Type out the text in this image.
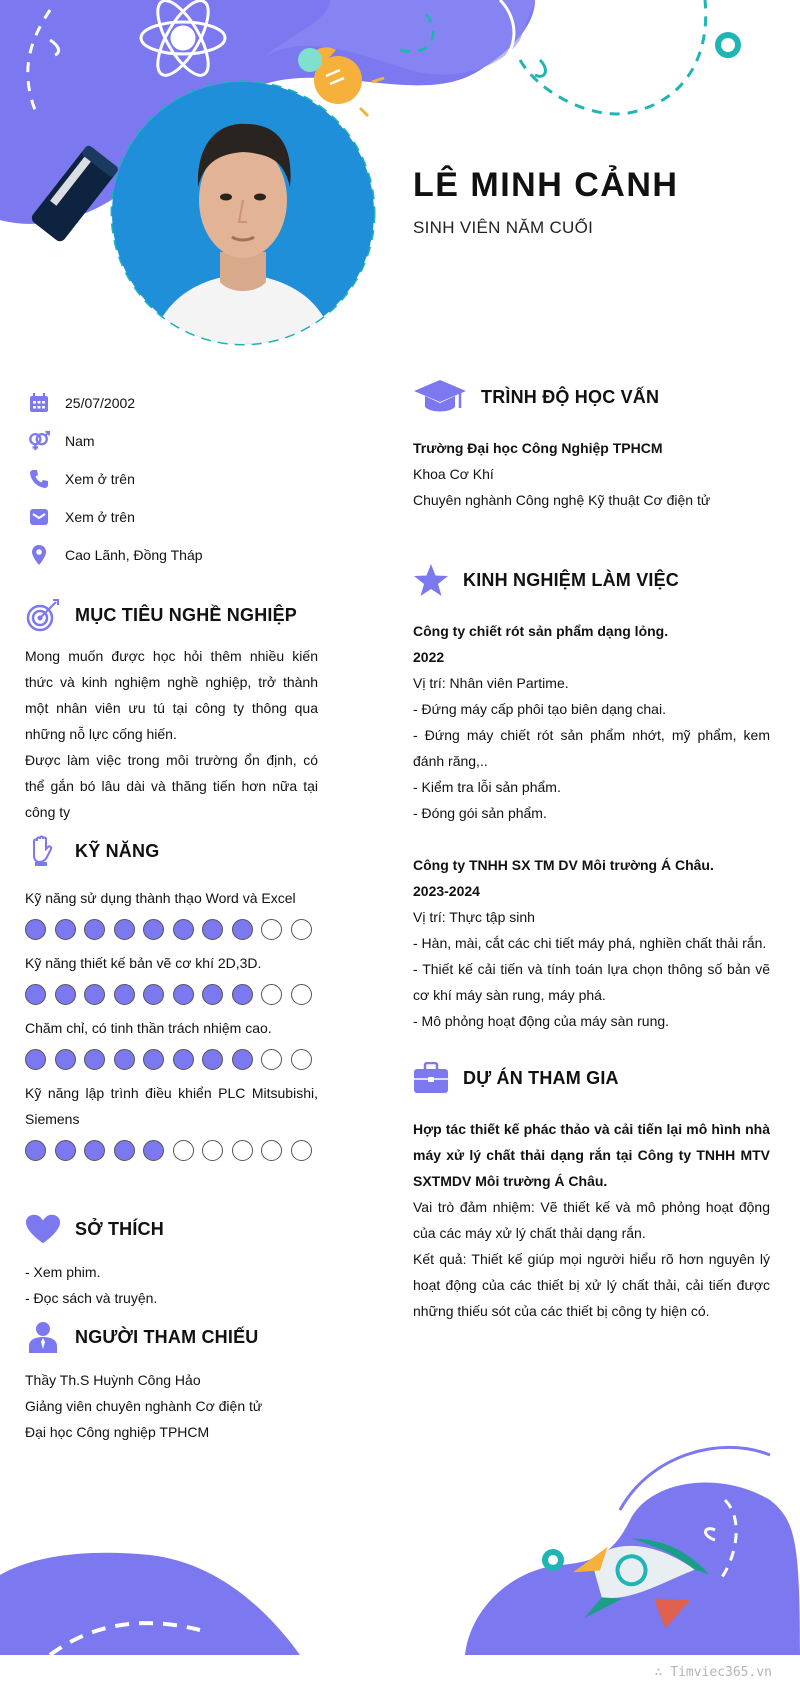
LÊ MINH CẢNH
SINH VIÊN NĂM CUỐI
25/07/2002
Nam
Xem ở trên
Xem ở trên
Cao Lãnh, Đồng Tháp
MỤC TIÊU NGHỀ NGHIỆP

Mong muốn được học hỏi thêm nhiều kiến thức và kinh nghiệm nghề nghiệp, trở thành một nhân viên ưu tú tại công ty thông qua những nỗ lực cống hiến.

Được làm việc trong môi trường ổn định, có thể gắn bó lâu dài và thăng tiến hơn nữa tại công ty

KỸ NĂNG
Kỹ năng sử dụng thành thạo Word và Excel
Kỹ năng thiết kế bản vẽ cơ khí 2D,3D.
Chăm chỉ, có tinh thần trách nhiệm cao.
Kỹ năng lập trình điều khiển PLC Mitsubishi, Siemens
SỞ THÍCH

- Xem phim.

- Đọc sách và truyện.

NGƯỜI THAM CHIẾU

Thầy Th.S Huỳnh Công Hảo

Giảng viên chuyên nghành Cơ điện tử

Đại học Công nghiệp TPHCM

TRÌNH ĐỘ HỌC VẤN

Trường Đại học Công Nghiệp TPHCM

Khoa Cơ Khí

Chuyên nghành Công nghệ Kỹ thuật Cơ điện tử

KINH NGHIỆM LÀM VIỆC

Công ty chiết rót sản phẩm dạng lỏng.

2022

Vị trí: Nhân viên Partime.

- Đứng máy cấp phôi tạo biên dạng chai.

- Đứng máy chiết rót sản phẩm nhớt, mỹ phẩm, kem đánh răng,..

- Kiểm tra lỗi sản phẩm.

- Đóng gói sản phẩm.

Công ty TNHH SX TM DV Môi trường Á Châu.

2023-2024

Vị trí: Thực tập sinh

- Hàn, mài, cắt các chi tiết máy phá, nghiền chất thải rắn.

- Thiết kế cải tiến và tính toán lựa chọn thông số bản vẽ cơ khí máy sàn rung, máy phá.

- Mô phỏng hoạt động của máy sàn rung.

DỰ ÁN THAM GIA

Hợp tác thiết kế phác thảo và cải tiến lại mô hình nhà máy xử lý chất thải dạng rắn tại Công ty TNHH MTV SXTMDV Môi trường Á Châu.

Vai trò đảm nhiệm: Vẽ thiết kế và mô phỏng hoạt động của các máy xử lý chất thải dạng rắn.

Kết quả: Thiết kế giúp mọi người hiểu rõ hơn nguyên lý hoạt động của các thiết bị xử lý chất thải, cải tiến được những thiếu sót của các thiết bị công ty hiện có.

∴ Timviec365.vn
